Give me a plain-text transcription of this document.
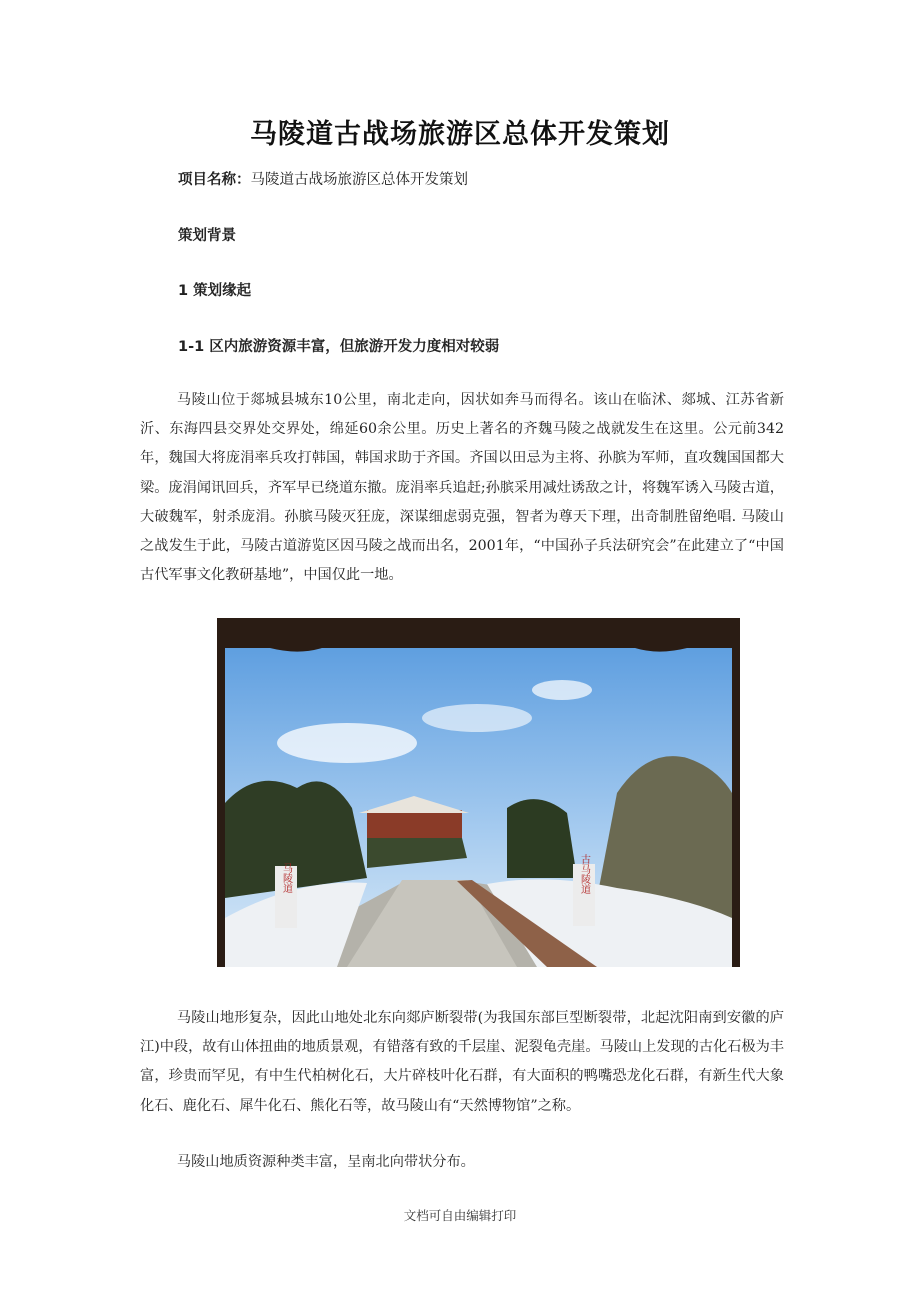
马陵道古战场旅游区总体开发策划
项目名称：马陵道古战场旅游区总体开发策划
策划背景
1 策划缘起
1-1 区内旅游资源丰富，但旅游开发力度相对较弱

马陵山位于郯城县城东10公里，南北走向，因状如奔马而得名。该山在临沭、郯城、江苏省新沂、东海四县交界处交界处，绵延60余公里。历史上著名的齐魏马陵之战就发生在这里。公元前342年，魏国大将庞涓率兵攻打韩国，韩国求助于齐国。齐国以田忌为主将、孙膑为军师，直攻魏国国都大梁。庞涓闻讯回兵，齐军早已绕道东撤。庞涓率兵追赶;孙膑采用减灶诱敌之计，将魏军诱入马陵古道，大破魏军，射杀庞涓。孙膑马陵灭狂庞，深谋细虑弱克强，智者为尊天下理，出奇制胜留绝唱. 马陵山之战发生于此，马陵古道游览区因马陵之战而出名，2001年，“中国孙子兵法研究会”在此建立了“中国古代军事文化教研基地”，中国仅此一地。

马陵道	古马陵道

马陵山地形复杂，因此山地处北东向郯庐断裂带(为我国东部巨型断裂带，北起沈阳南到安徽的庐江)中段，故有山体扭曲的地质景观，有错落有致的千层崖、泥裂龟壳崖。马陵山上发现的古化石极为丰富，珍贵而罕见，有中生代柏树化石，大片碎枝叶化石群，有大面积的鸭嘴恐龙化石群，有新生代大象化石、鹿化石、犀牛化石、熊化石等，故马陵山有“天然博物馆”之称。

马陵山地质资源种类丰富，呈南北向带状分布。

文档可自由编辑打印
